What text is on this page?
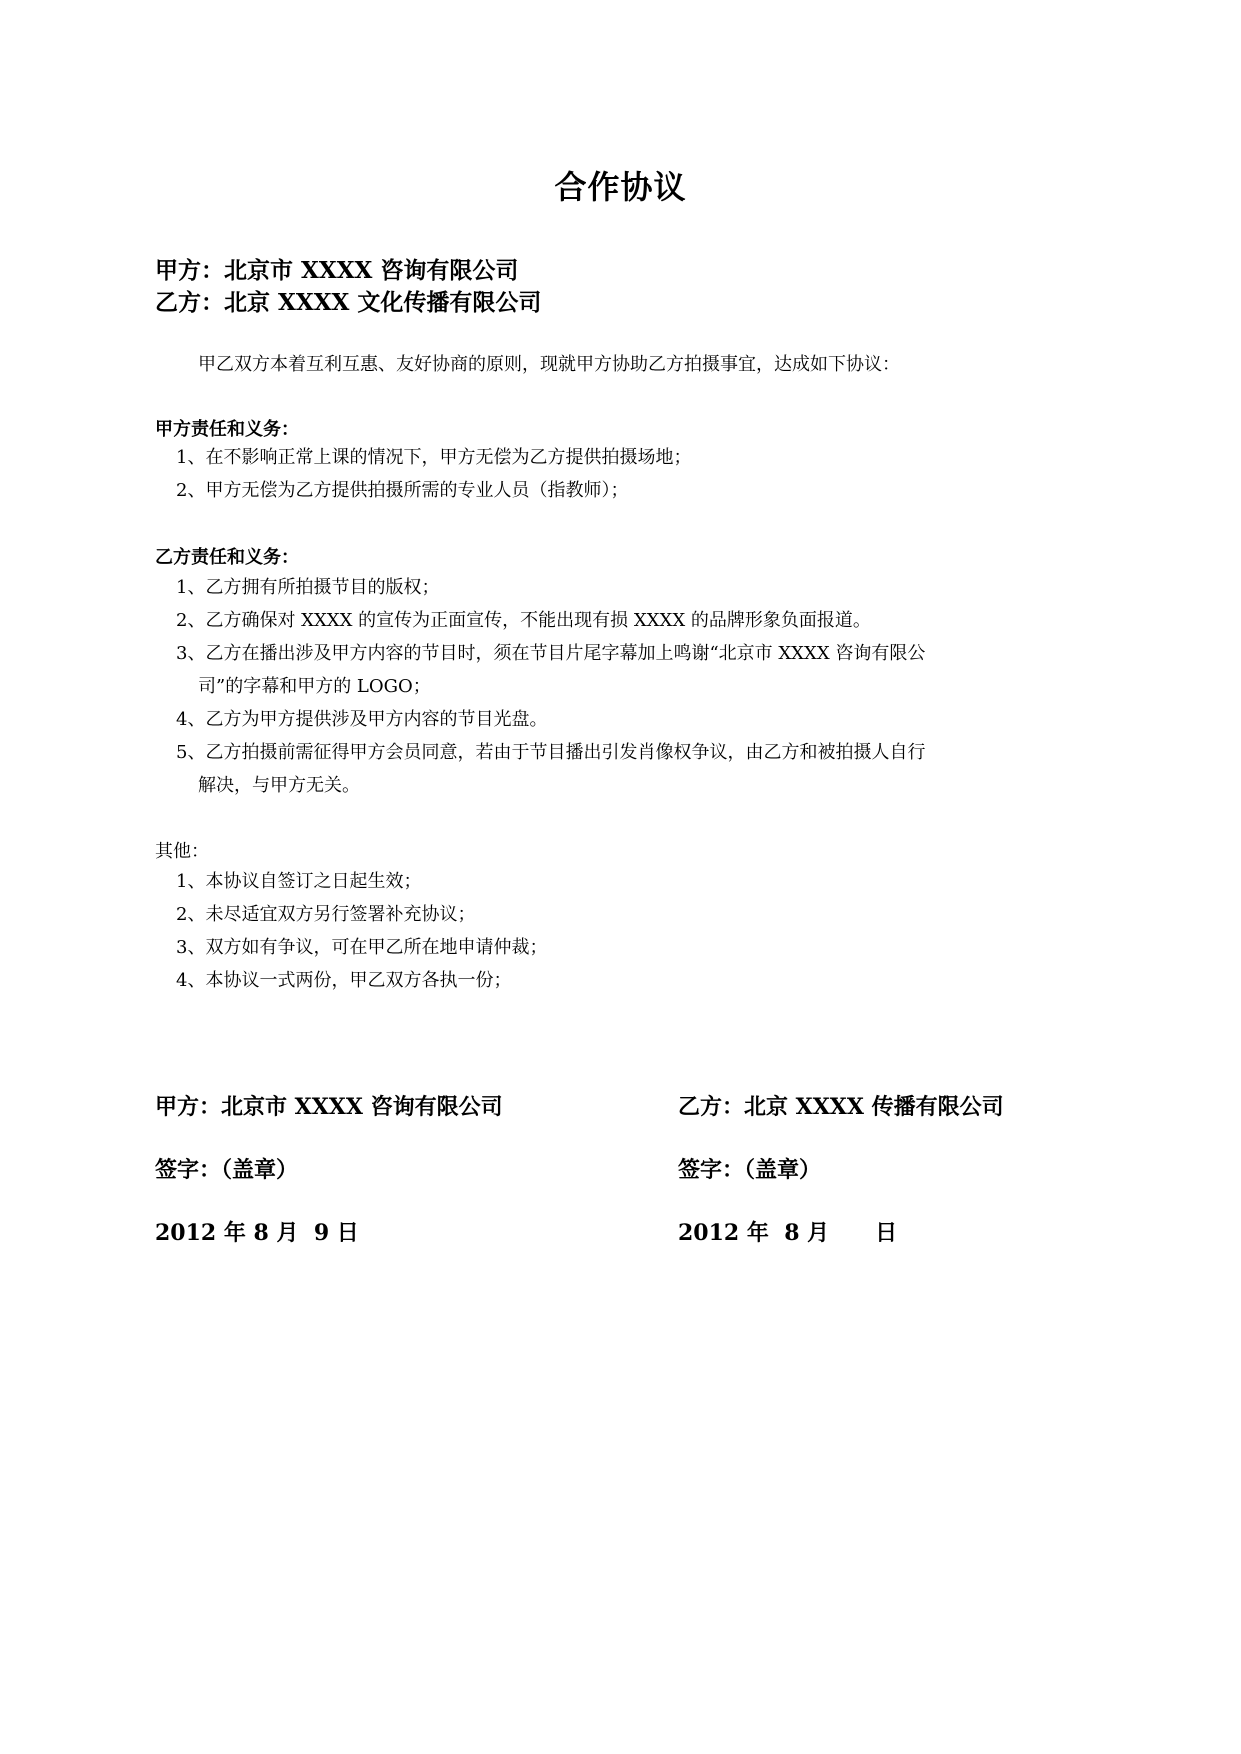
合作协议
甲方：北京市 XXXX 咨询有限公司
乙方：北京 XXXX 文化传播有限公司
甲乙双方本着互利互惠、友好协商的原则，现就甲方协助乙方拍摄事宜，达成如下协议：
甲方责任和义务：
1、在不影响正常上课的情况下，甲方无偿为乙方提供拍摄场地；
2、甲方无偿为乙方提供拍摄所需的专业人员（指教师）；
乙方责任和义务：
1、乙方拥有所拍摄节目的版权；
2、乙方确保对 XXXX 的宣传为正面宣传，不能出现有损 XXXX 的品牌形象负面报道。
3、乙方在播出涉及甲方内容的节目时，须在节目片尾字幕加上鸣谢“北京市 XXXX 咨询有限公
司”的字幕和甲方的 LOGO；
4、乙方为甲方提供涉及甲方内容的节目光盘。
5、乙方拍摄前需征得甲方会员同意，若由于节目播出引发肖像权争议，由乙方和被拍摄人自行
解决，与甲方无关。
其他：
1、本协议自签订之日起生效；
2、未尽适宜双方另行签署补充协议；
3、双方如有争议，可在甲乙所在地申请仲裁；
4、本协议一式两份，甲乙双方各执一份；
甲方：北京市 XXXX 咨询有限公司	乙方：北京 XXXX 传播有限公司
签字：（盖章）	签字：（盖章）
2012 年 8 月  9 日	2012 年  8 月      日
